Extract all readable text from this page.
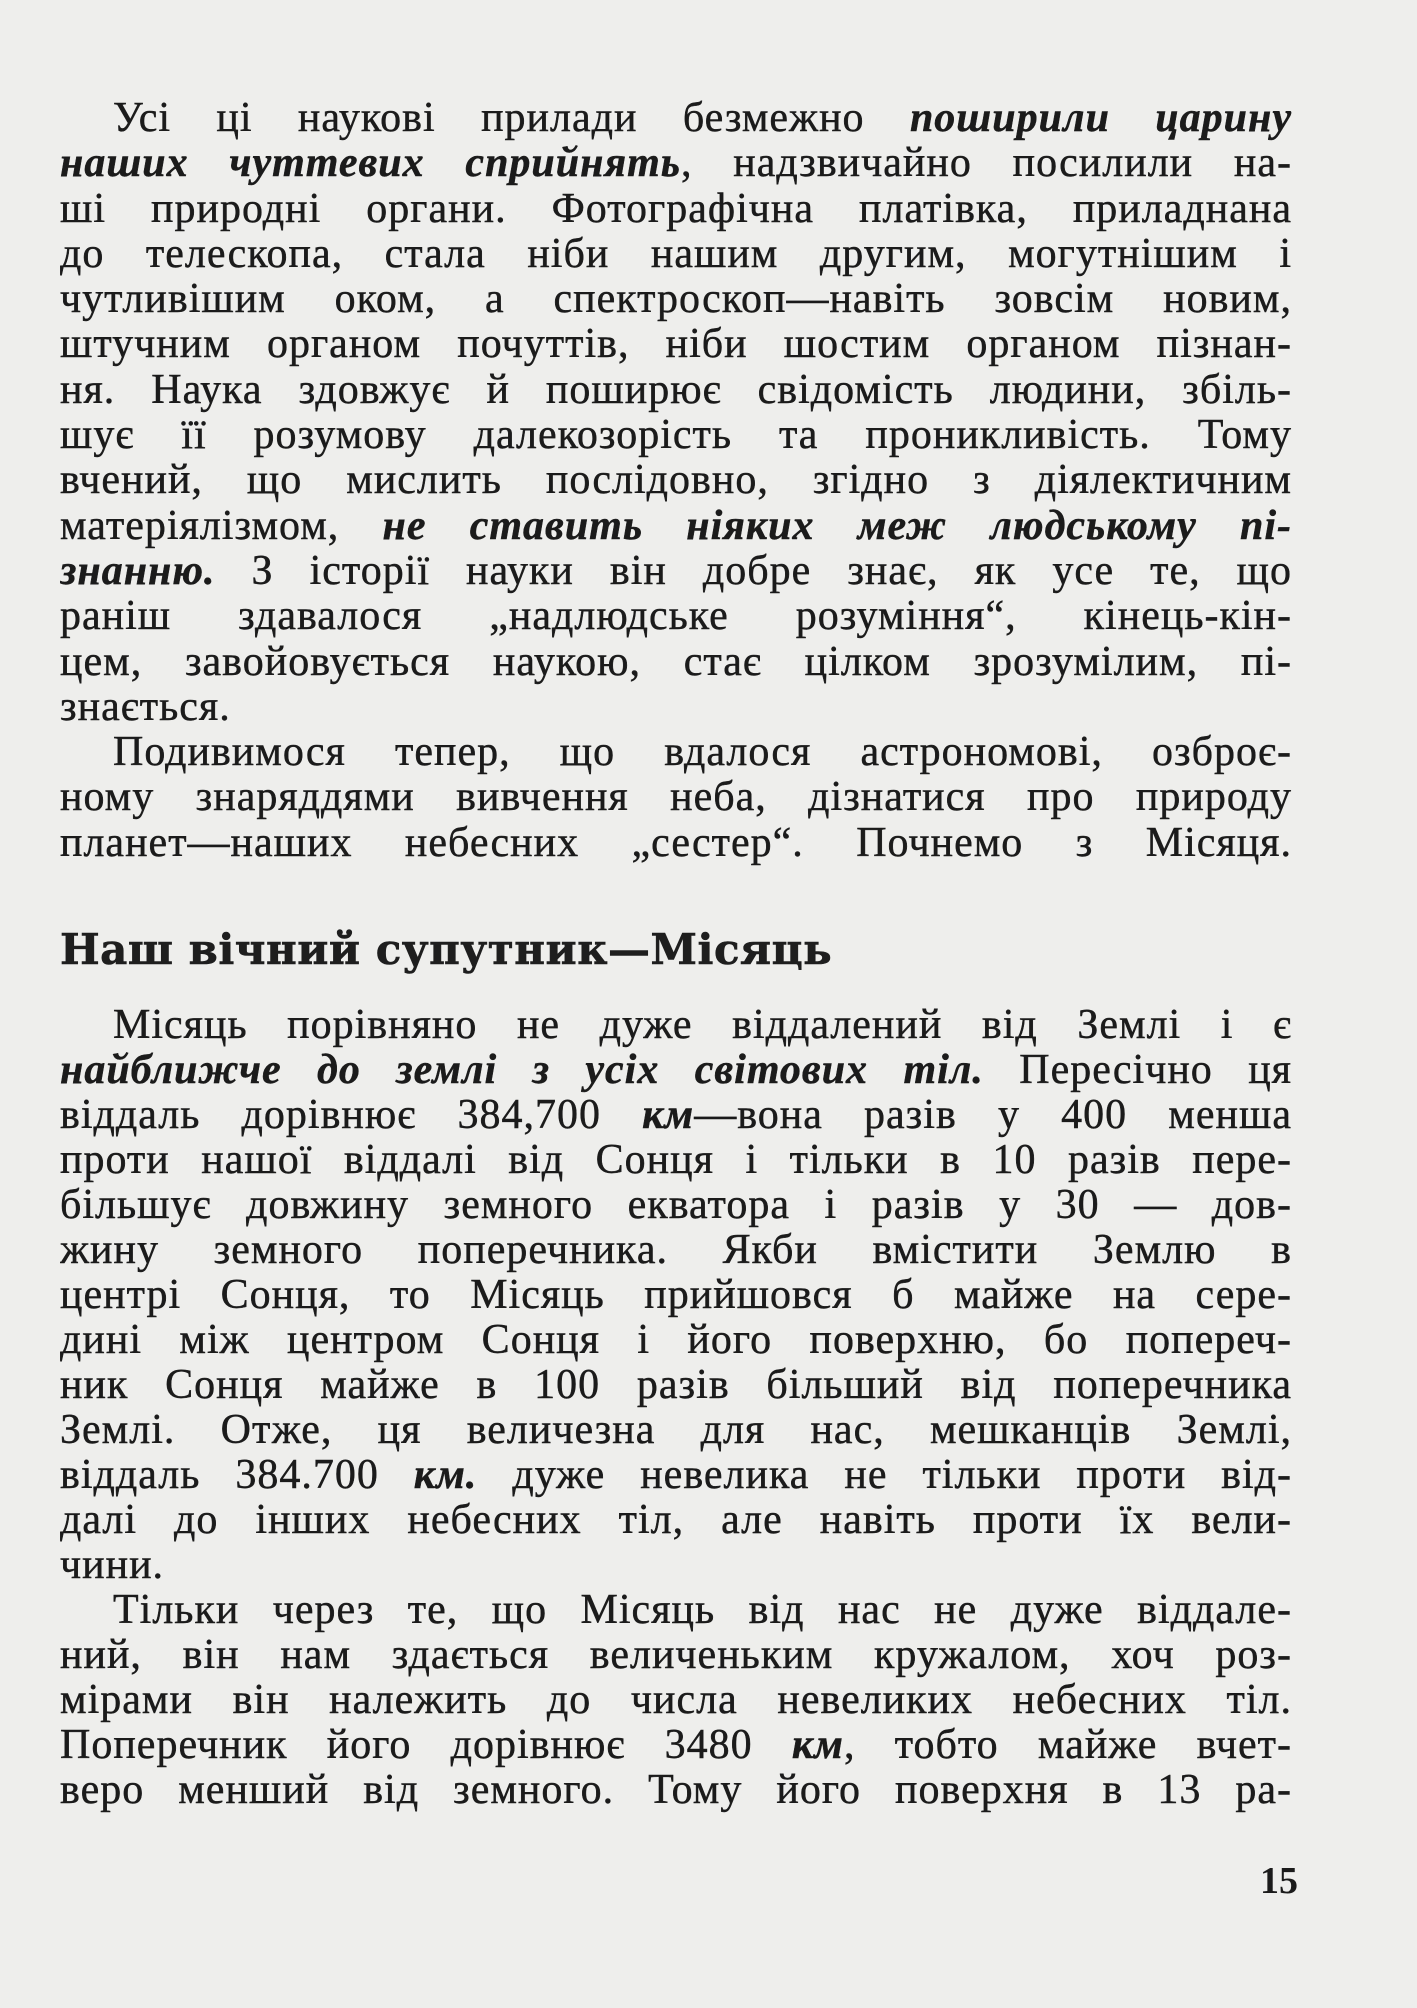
Усі ці наукові прилади безмежно поширили царину
наших чуттевих сприйнять, надзвичайно посилили на-
ші природні органи. Фотографічна платівка, приладнана
до телескопа, стала ніби нашим другим, могутнішим і
чутливішим оком, а спектроскоп—навіть зовсім новим,
штучним органом почуттів, ніби шостим органом пізнан-
ня. Наука здовжує й поширює свідомість людини, збіль-
шує її розумову далекозорість та проникливість. Тому
вчений, що мислить послідовно, згідно з діялектичним
матеріялізмом, не ставить ніяких меж людському пі-
знанню. З історії науки він добре знає, як усе те, що
раніш здавалося „надлюдське розуміння“, кінець-кін-
цем, завойовується наукою, стає цілком зрозумілим, пі-
знається.
Подивимося тепер, що вдалося астрономові, озброє-
ному знаряддями вивчення неба, дізнатися про природу
планет—наших небесних „сестер“. Почнемо з Місяця.
Наш вічний супутник—Місяць
Місяць порівняно не дуже віддалений від Землі і є
найближче до землі з усіх світових тіл. Пересічно ця
віддаль дорівнює 384,700 км—вона разів у 400 менша
проти нашої віддалі від Сонця і тільки в 10 разів пере-
більшує довжину земного екватора і разів у 30 — дов-
жину земного поперечника. Якби вмістити Землю в
центрі Сонця, то Місяць прийшовся б майже на сере-
дині між центром Сонця і його поверхню, бо попереч-
ник Сонця майже в 100 разів більший від поперечника
Землі. Отже, ця величезна для нас, мешканців Землі,
віддаль 384.700 км. дуже невелика не тільки проти від-
далі до інших небесних тіл, але навіть проти їх вели-
чини.
Тільки через те, що Місяць від нас не дуже віддале-
ний, він нам здається величеньким кружалом, хоч роз-
мірами він належить до числа невеликих небесних тіл.
Поперечник його дорівнює 3480 км, тобто майже вчет-
веро менший від земного. Тому його поверхня в 13 ра-
15
